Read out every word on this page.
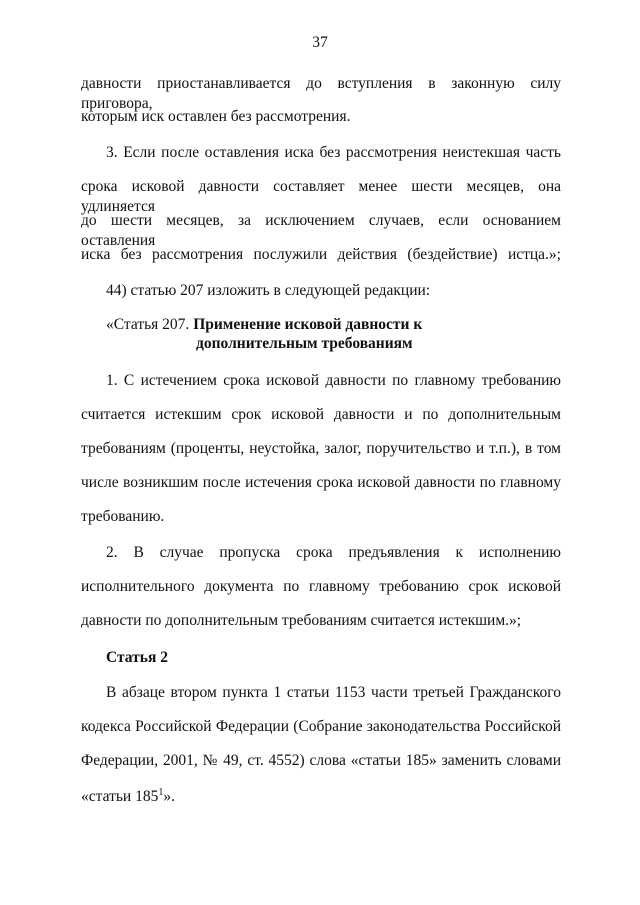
37
давности приостанавливается до вступления в законную силу приговора,
которым иск оставлен без рассмотрения.
3. Если после оставления иска без рассмотрения неистекшая часть
срока исковой давности составляет менее шести месяцев, она удлиняется
до шести месяцев, за исключением случаев, если основанием оставления
иска без рассмотрения послужили действия (бездействие) истца.»;
44) статью 207 изложить в следующей редакции:
«Статья 207. Применение исковой давности к
дополнительным требованиям
1. С истечением срока исковой давности по главному требованию
считается истекшим срок исковой давности и по дополнительным
требованиям (проценты, неустойка, залог, поручительство и т.п.), в том
числе возникшим после истечения срока исковой давности по главному
требованию.
2. В случае пропуска срока предъявления к исполнению
исполнительного документа по главному требованию срок исковой
давности по дополнительным требованиям считается истекшим.»;
Статья 2
В абзаце втором пункта 1 статьи 1153 части третьей Гражданского
кодекса Российской Федерации (Собрание законодательства Российской
Федерации, 2001, № 49, ст. 4552) слова «статьи 185» заменить словами
«статьи $185^1$».
